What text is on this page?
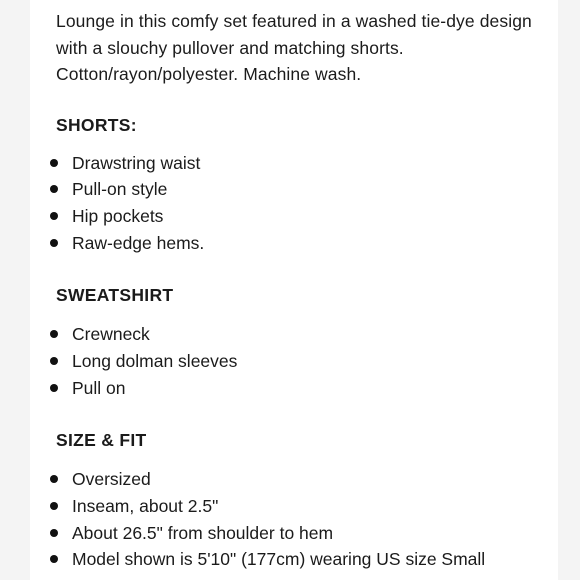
Lounge in this comfy set featured in a washed tie-dye design with a slouchy pullover and matching shorts. Cotton/rayon/polyester. Machine wash.

SHORTS:
Drawstring waist
Pull-on style
Hip pockets
Raw-edge hems.
SWEATSHIRT
Crewneck
Long dolman sleeves
Pull on
SIZE & FIT
Oversized
Inseam, about 2.5"
About 26.5" from shoulder to hem
Model shown is 5'10" (177cm) wearing US size Small
